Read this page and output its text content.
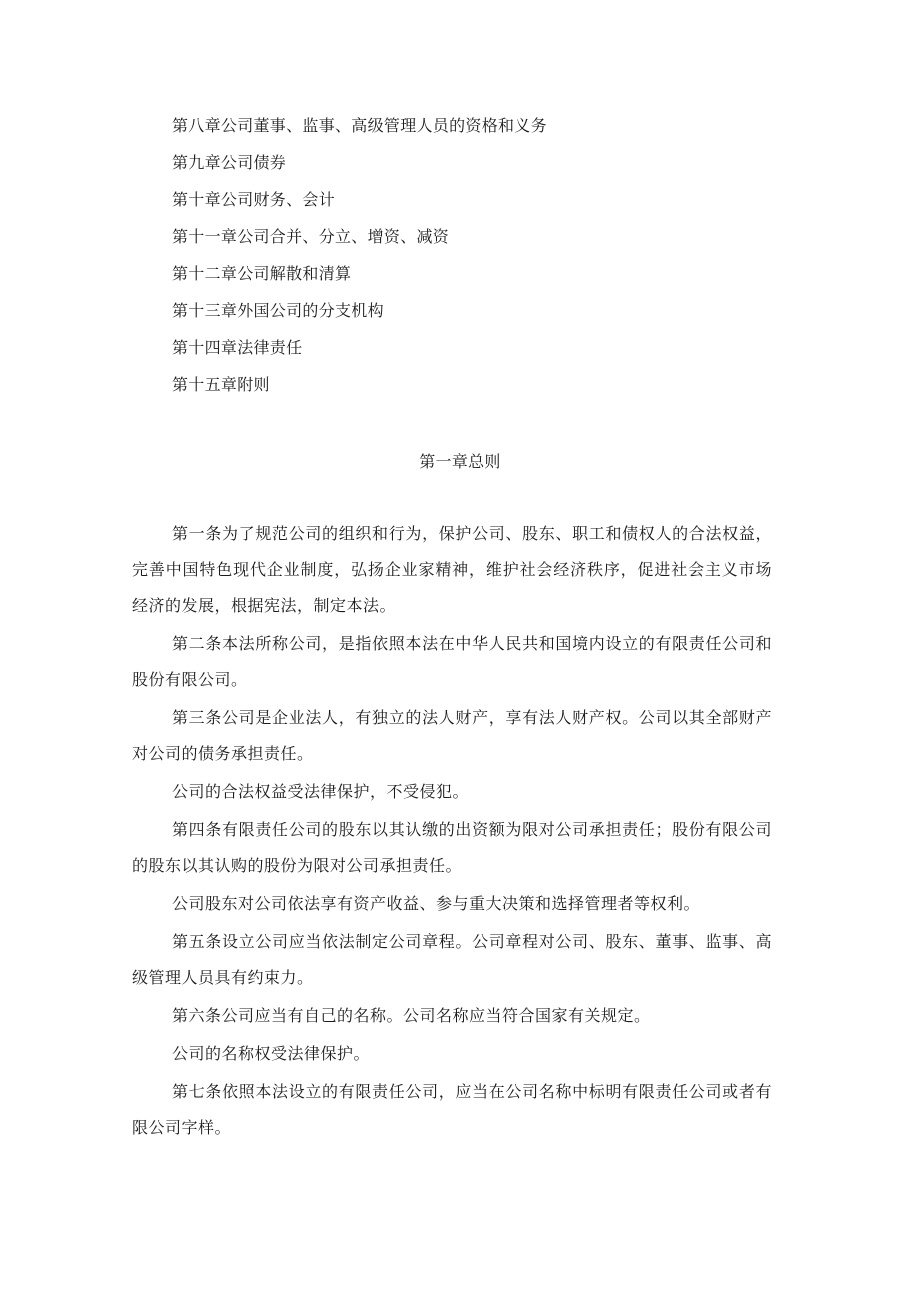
第八章公司董事、监事、高级管理人员的资格和义务
第九章公司债券
第十章公司财务、会计
第十一章公司合并、分立、增资、减资
第十二章公司解散和清算
第十三章外国公司的分支机构
第十四章法律责任
第十五章附则
第一章总则

第一条为了规范公司的组织和行为，保护公司、股东、职工和债权人的合法权益，完善中国特色现代企业制度，弘扬企业家精神，维护社会经济秩序，促进社会主义市场经济的发展，根据宪法，制定本法。

第二条本法所称公司，是指依照本法在中华人民共和国境内设立的有限责任公司和股份有限公司。

第三条公司是企业法人，有独立的法人财产，享有法人财产权。公司以其全部财产对公司的债务承担责任。

公司的合法权益受法律保护，不受侵犯。

第四条有限责任公司的股东以其认缴的出资额为限对公司承担责任；股份有限公司的股东以其认购的股份为限对公司承担责任。

公司股东对公司依法享有资产收益、参与重大决策和选择管理者等权利。

第五条设立公司应当依法制定公司章程。公司章程对公司、股东、董事、监事、高级管理人员具有约束力。

第六条公司应当有自己的名称。公司名称应当符合国家有关规定。

公司的名称权受法律保护。

第七条依照本法设立的有限责任公司，应当在公司名称中标明有限责任公司或者有限公司字样。
